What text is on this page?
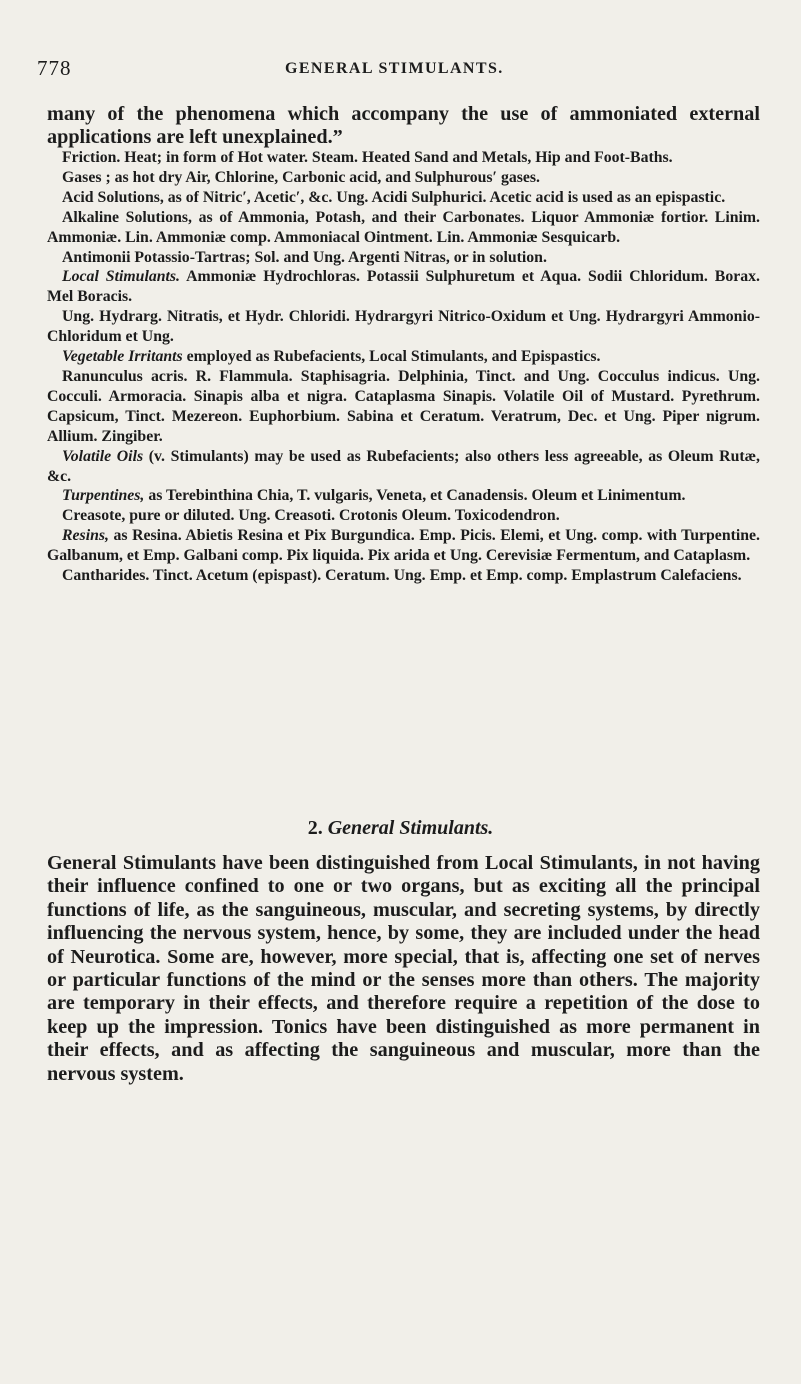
778	GENERAL STIMULANTS.

many of the phenomena which accompany the use of ammoniated external applications are left unexplained.”

Friction. Heat; in form of Hot water. Steam. Heated Sand and Metals, Hip and Foot-Baths.

Gases ; as hot dry Air, Chlorine, Carbonic acid, and Sulphurous′ gases.

Acid Solutions, as of Nitric′, Acetic′, &c. Ung. Acidi Sulphurici. Acetic acid is used as an epispastic.

Alkaline Solutions, as of Ammonia, Potash, and their Carbonates. Liquor Ammoniæ fortior. Linim. Ammoniæ. Lin. Ammoniæ comp. Ammoniacal Ointment. Lin. Ammoniæ Sesquicarb.

Antimonii Potassio-Tartras; Sol. and Ung. Argenti Nitras, or in solution.

Local Stimulants. Ammoniæ Hydrochloras. Potassii Sulphuretum et Aqua. Sodii Chloridum. Borax. Mel Boracis.

Ung. Hydrarg. Nitratis, et Hydr. Chloridi. Hydrargyri Nitrico-Oxidum et Ung. Hydrargyri Ammonio-Chloridum et Ung.

Vegetable Irritants employed as Rubefacients, Local Stimulants, and Epispastics.

Ranunculus acris. R. Flammula. Staphisagria. Delphinia, Tinct. and Ung. Cocculus indicus. Ung. Cocculi. Armoracia. Sinapis alba et nigra. Cataplasma Sinapis. Volatile Oil of Mustard. Pyrethrum. Capsicum, Tinct. Mezereon. Euphorbium. Sabina et Ceratum. Veratrum, Dec. et Ung. Piper nigrum. Allium. Zingiber.

Volatile Oils (v. Stimulants) may be used as Rubefacients; also others less agreeable, as Oleum Rutæ, &c.

Turpentines, as Terebinthina Chia, T. vulgaris, Veneta, et Canadensis. Oleum et Linimentum.

Creasote, pure or diluted. Ung. Creasoti. Crotonis Oleum. Toxicodendron.

Resins, as Resina. Abietis Resina et Pix Burgundica. Emp. Picis. Elemi, et Ung. comp. with Turpentine. Galbanum, et Emp. Galbani comp. Pix liquida. Pix arida et Ung. Cerevisiæ Fermentum, and Cataplasm.

Cantharides. Tinct. Acetum (epispast). Ceratum. Ung. Emp. et Emp. comp. Emplastrum Calefaciens.

2. General Stimulants.

General Stimulants have been distinguished from Local Stimulants, in not having their influence confined to one or two organs, but as exciting all the principal functions of life, as the sanguineous, muscular, and secreting systems, by directly influencing the nervous system, hence, by some, they are included under the head of Neurotica. Some are, however, more special, that is, affecting one set of nerves or particular functions of the mind or the senses more than others. The majority are temporary in their effects, and therefore require a repetition of the dose to keep up the impression. Tonics have been distinguished as more permanent in their effects, and as affecting the sanguineous and muscular, more than the nervous system.
